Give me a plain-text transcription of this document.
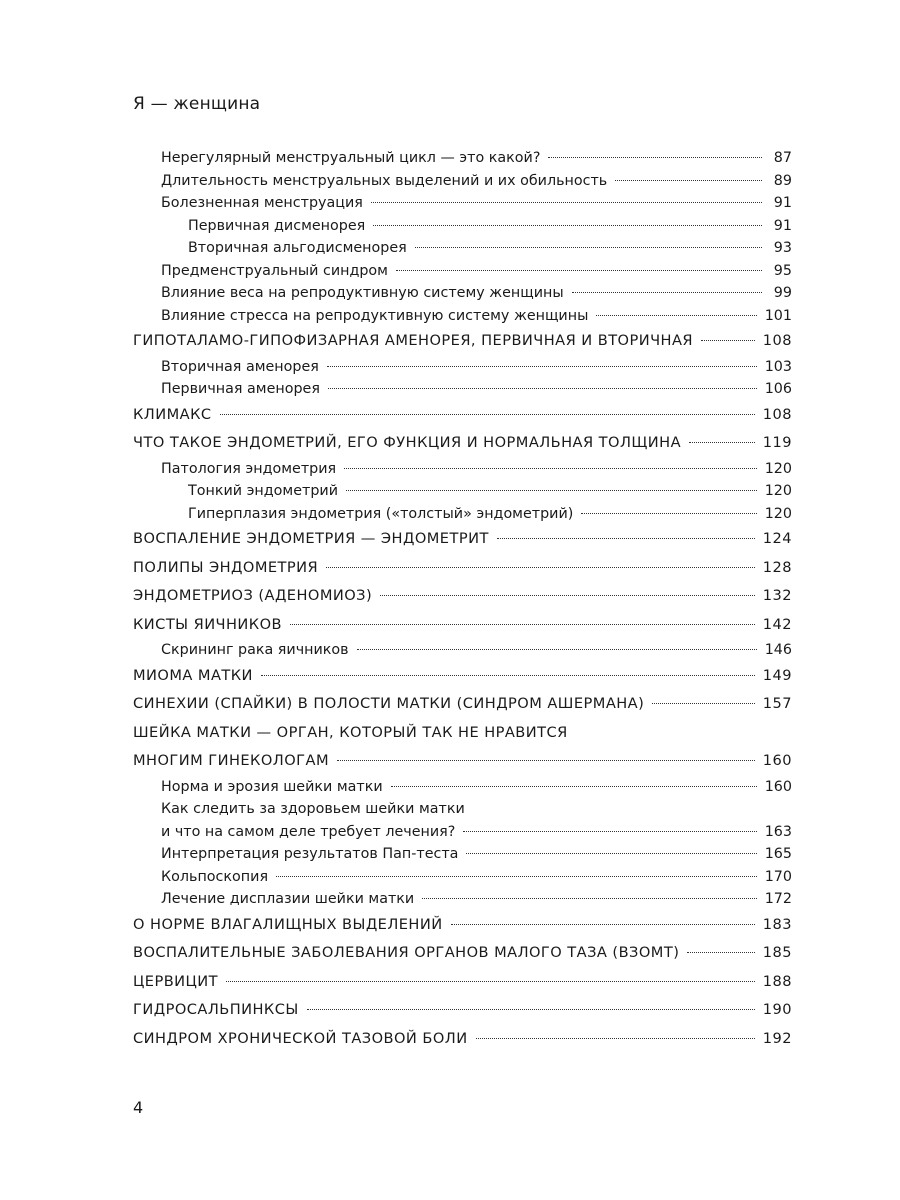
Я — женщина
Нерегулярный менструальный цикл — это какой?	87
Длительность менструальных выделений и их обильность	89
Болезненная менструация	91
Первичная дисменорея	91
Вторичная альгодисменорея	93
Предменструальный синдром	95
Влияние веса на репродуктивную систему женщины	99
Влияние стресса на репродуктивную систему женщины	101
ГИПОТАЛАМО-ГИПОФИЗАРНАЯ АМЕНОРЕЯ, ПЕРВИЧНАЯ И ВТОРИЧНАЯ	108
Вторичная аменорея	103
Первичная аменорея	106
КЛИМАКС	108
ЧТО ТАКОЕ ЭНДОМЕТРИЙ, ЕГО ФУНКЦИЯ И НОРМАЛЬНАЯ ТОЛЩИНА	119
Патология эндометрия	120
Тонкий эндометрий	120
Гиперплазия эндометрия («толстый» эндометрий)	120
ВОСПАЛЕНИЕ ЭНДОМЕТРИЯ — ЭНДОМЕТРИТ	124
ПОЛИПЫ ЭНДОМЕТРИЯ	128
ЭНДОМЕТРИОЗ (АДЕНОМИОЗ)	132
КИСТЫ ЯИЧНИКОВ	142
Скрининг рака яичников	146
МИОМА МАТКИ	149
СИНЕХИИ (СПАЙКИ) В ПОЛОСТИ МАТКИ (СИНДРОМ АШЕРМАНА)	157
ШЕЙКА МАТКИ — ОРГАН, КОТОРЫЙ ТАК НЕ НРАВИТСЯ
МНОГИМ ГИНЕКОЛОГАМ	160
Норма и эрозия шейки матки	160
Как следить за здоровьем шейки матки
и что на самом деле требует лечения?	163
Интерпретация результатов Пап-теста	165
Кольпоскопия	170
Лечение дисплазии шейки матки	172
О НОРМЕ ВЛАГАЛИЩНЫХ ВЫДЕЛЕНИЙ	183
ВОСПАЛИТЕЛЬНЫЕ ЗАБОЛЕВАНИЯ ОРГАНОВ МАЛОГО ТАЗА (ВЗОМТ)	185
ЦЕРВИЦИТ	188
ГИДРОСАЛЬПИНКСЫ	190
СИНДРОМ ХРОНИЧЕСКОЙ ТАЗОВОЙ БОЛИ	192
4
